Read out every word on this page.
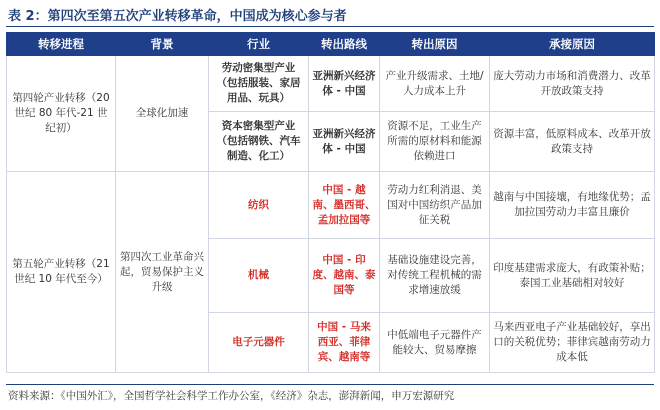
表 2：第四次至第五次产业转移革命，中国成为核心参与者
转移进程	背景	行业	转出路线	转出原因	承接原因
第四轮产业转移（20 世纪 80 年代-21 世纪初）	全球化加速	劳动密集型产业（包括服装、家居用品、玩具）	亚洲新兴经济体 - 中国	产业升级需求、土地/人力成本上升	庞大劳动力市场和消费潜力、改革开放政策支持
		资本密集型产业（包括钢铁、汽车制造、化工）	亚洲新兴经济体 - 中国	资源不足，工业生产所需的原材料和能源依赖进口	资源丰富，低原料成本、改革开放政策支持
第五轮产业转移（21 世纪 10 年代至今）	第四次工业革命兴起，贸易保护主义升级	纺织	中国 - 越南、墨西哥、孟加拉国等	劳动力红利消退、美国对中国纺织产品加征关税	越南与中国接壤，有地缘优势；孟加拉国劳动力丰富且廉价
		机械	中国 - 印度、越南、泰国等	基础设施建设完善，对传统工程机械的需求增速放缓	印度基建需求庞大，有政策补贴；泰国工业基础相对较好
		电子元器件	中国 - 马来西亚、菲律宾、越南等	中低端电子元器件产能较大、贸易摩擦	马来西亚电子产业基础较好，享出口的关税优势；菲律宾越南劳动力成本低
资料来源：《中国外汇》，全国哲学社会科学工作办公室，《经济》杂志，澎湃新闻，申万宏源研究
